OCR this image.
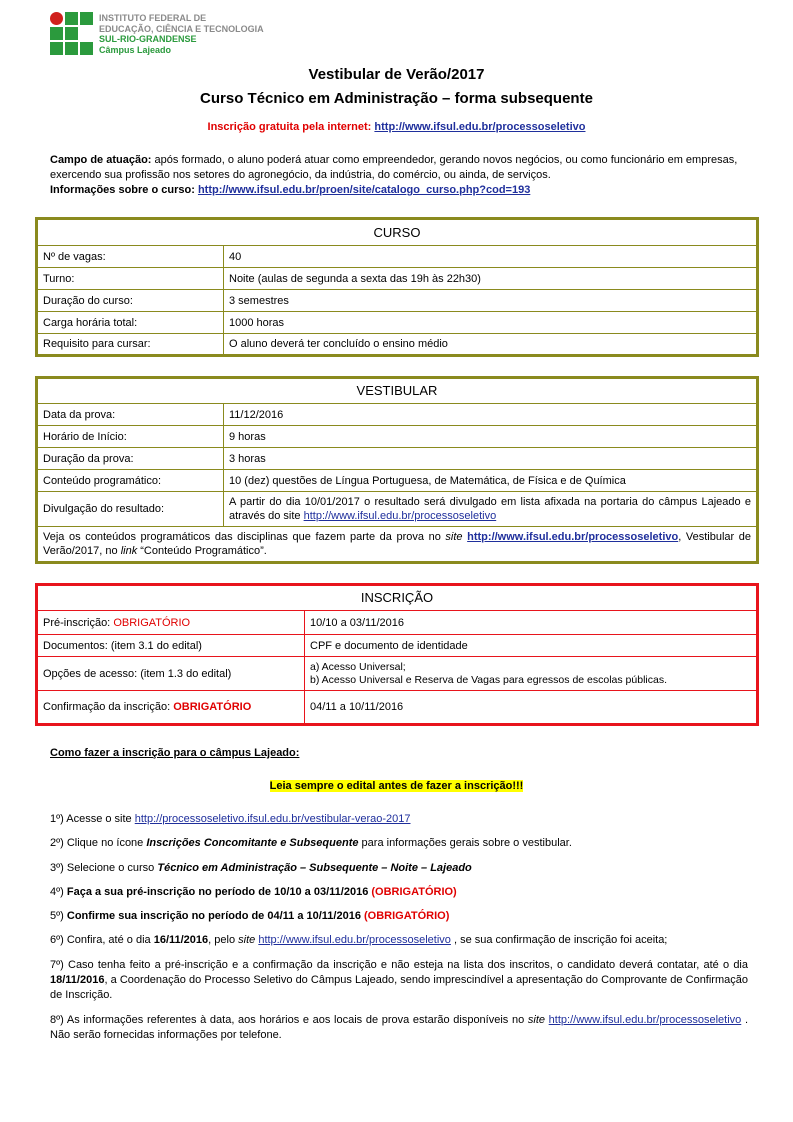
INSTITUTO FEDERAL DE
EDUCAÇÃO, CIÊNCIA E TECNOLOGIA
SUL-RIO-GRANDENSE
Câmpus Lajeado
Vestibular de Verão/2017
Curso Técnico em Administração – forma subsequente
Inscrição gratuita pela internet: http://www.ifsul.edu.br/processoseletivo
Campo de atuação: após formado, o aluno poderá atuar como empreendedor, gerando novos negócios, ou como funcionário em empresas, exercendo sua profissão nos setores do agronegócio, da indústria, do comércio, ou ainda, de serviços.
Informações sobre o curso: http://www.ifsul.edu.br/proen/site/catalogo_curso.php?cod=193
CURSO	
Nº de vagas:	40
Turno:	Noite (aulas de segunda a sexta das 19h às 22h30)
Duração do curso:	3 semestres
Carga horária total:	1000 horas
Requisito para cursar:	O aluno deverá ter concluído o ensino médio
VESTIBULAR	
Data da prova:	11/12/2016
Horário de Início:	9 horas
Duração da prova:	3 horas
Conteúdo programático:	10 (dez) questões de Língua Portuguesa, de Matemática, de Física e de Química
Divulgação do resultado:	A partir do dia 10/01/2017 o resultado será divulgado em lista afixada na portaria do câmpus Lajeado e através do site http://www.ifsul.edu.br/processoseletivo
Veja os conteúdos programáticos das disciplinas que fazem parte da prova no site http://www.ifsul.edu.br/processoseletivo, Vestibular de Verão/2017, no link “Conteúdo Programático”.	
INSCRIÇÃO	
Pré-inscrição: OBRIGATÓRIO	10/10 a 03/11/2016
Documentos: (item 3.1 do edital)	CPF e documento de identidade
Opções de acesso: (item 1.3 do edital)	a) Acesso Universal;
b) Acesso Universal e Reserva de Vagas para egressos de escolas públicas.

Confirmação da inscrição: OBRIGATÓRIO	04/11 a 10/11/2016
Como fazer a inscrição para o câmpus Lajeado:
Leia sempre o edital antes de fazer a inscrição!!!
1º) Acesse o site http://processoseletivo.ifsul.edu.br/vestibular-verao-2017
2º) Clique no ícone Inscrições Concomitante e Subsequente para informações gerais sobre o vestibular.
3º) Selecione o curso Técnico em Administração – Subsequente – Noite – Lajeado
4º) Faça a sua pré-inscrição no período de 10/10 a 03/11/2016 (OBRIGATÓRIO)
5º) Confirme sua inscrição no período de 04/11 a 10/11/2016 (OBRIGATÓRIO)
6º) Confira, até o dia 16/11/2016, pelo site http://www.ifsul.edu.br/processoseletivo , se sua confirmação de inscrição foi aceita;
7º) Caso tenha feito a pré-inscrição e a confirmação da inscrição e não esteja na lista dos inscritos, o candidato deverá contatar, até o dia 18/11/2016, a Coordenação do Processo Seletivo do Câmpus Lajeado, sendo imprescindível a apresentação do Comprovante de Confirmação de Inscrição.
8º) As informações referentes à data, aos horários e aos locais de prova estarão disponíveis no site http://www.ifsul.edu.br/processoseletivo . Não serão fornecidas informações por telefone.
